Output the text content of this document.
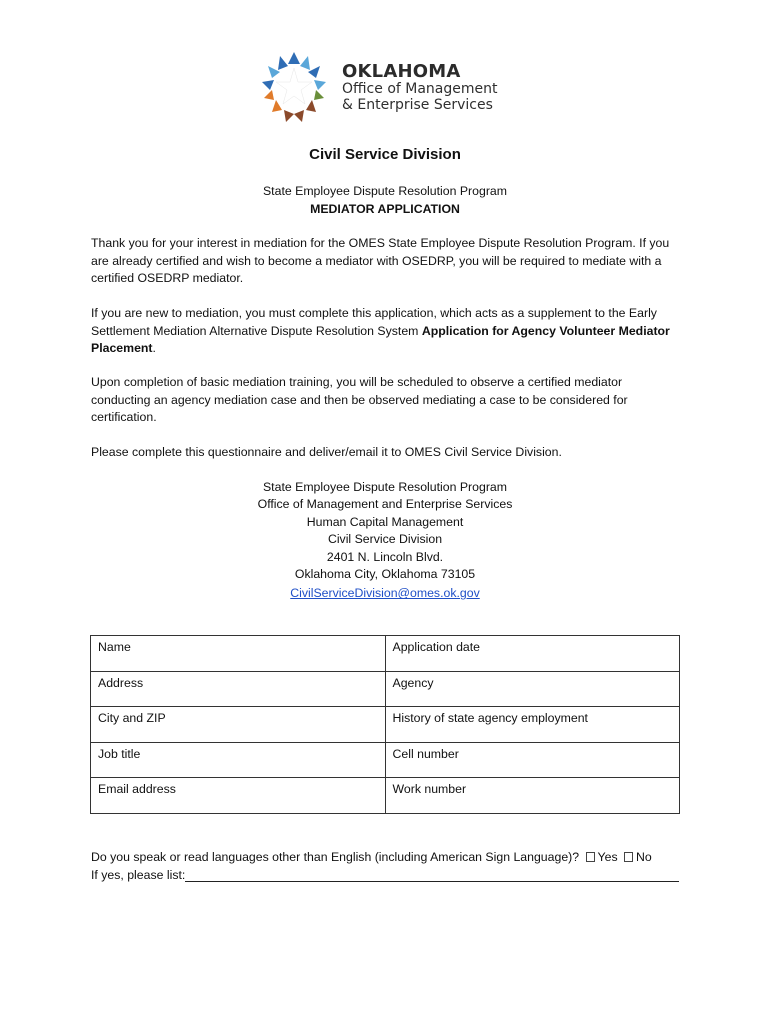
OKLAHOMA
Office of Management
& Enterprise Services
Civil Service Division
State Employee Dispute Resolution Program
MEDIATOR APPLICATION
Thank you for your interest in mediation for the OMES State Employee Dispute Resolution Program. If you are already certified and wish to become a mediator with OSEDRP, you will be required to mediate with a certified OSEDRP mediator.
If you are new to mediation, you must complete this application, which acts as a supplement to the Early Settlement Mediation Alternative Dispute Resolution System Application for Agency Volunteer Mediator Placement.
Upon completion of basic mediation training, you will be scheduled to observe a certified mediator conducting an agency mediation case and then be observed mediating a case to be considered for certification.
Please complete this questionnaire and deliver/email it to OMES Civil Service Division.
State Employee Dispute Resolution Program
Office of Management and Enterprise Services
Human Capital Management
Civil Service Division
2401 N. Lincoln Blvd.
Oklahoma City, Oklahoma 73105
CivilServiceDivision@omes.ok.gov
Name	Application date
Address	Agency
City and ZIP	History of state agency employment
Job title	Cell number
Email address	Work number
Do you speak or read languages other than English (including American Sign Language)? Yes No
If yes, please list:
